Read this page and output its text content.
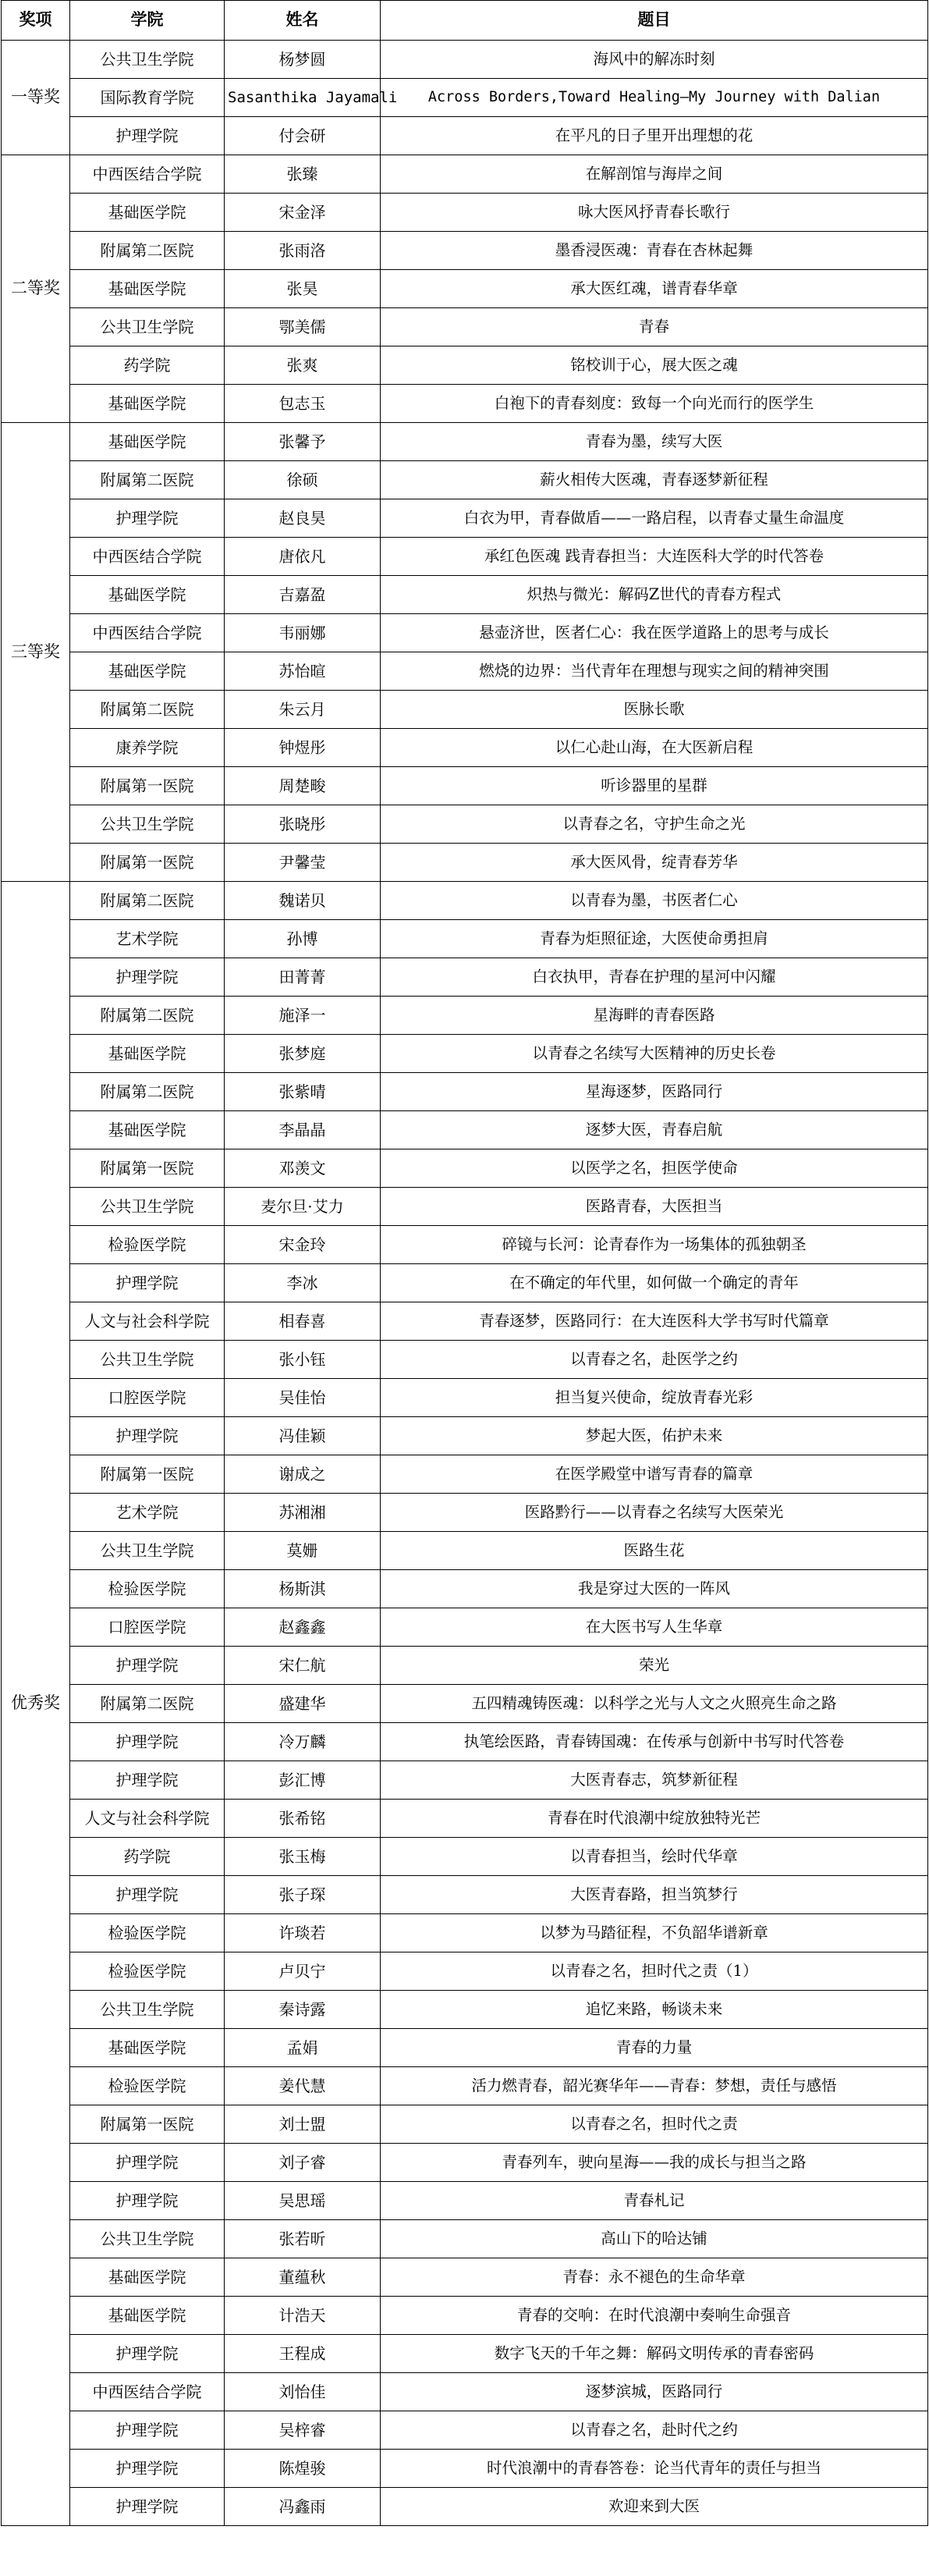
奖项	学院	姓名	题目
一等奖	公共卫生学院	杨梦圆	海风中的解冻时刻
	国际教育学院	Sasanthika Jayamali	Across Borders,Toward Healing—My Journey with Dalian
	护理学院	付会研	在平凡的日子里开出理想的花
二等奖	中西医结合学院	张臻	在解剖馆与海岸之间
	基础医学院	宋金泽	咏大医风抒青春长歌行
	附属第二医院	张雨洛	墨香浸医魂：青春在杏林起舞
	基础医学院	张昊	承大医红魂，谱青春华章
	公共卫生学院	鄂美儒	青春
	药学院	张爽	铭校训于心，展大医之魂
	基础医学院	包志玉	白袍下的青春刻度：致每一个向光而行的医学生
三等奖	基础医学院	张馨予	青春为墨，续写大医
	附属第二医院	徐硕	薪火相传大医魂，青春逐梦新征程
	护理学院	赵良昊	白衣为甲，青春做盾——一路启程，以青春丈量生命温度
	中西医结合学院	唐依凡	承红色医魂 践青春担当：大连医科大学的时代答卷
	基础医学院	吉嘉盈	炽热与微光：解码Z世代的青春方程式
	中西医结合学院	韦丽娜	悬壶济世，医者仁心：我在医学道路上的思考与成长
	基础医学院	苏怡暄	燃烧的边界：当代青年在理想与现实之间的精神突围
	附属第二医院	朱云月	医脉长歌
	康养学院	钟煜彤	以仁心赴山海，在大医新启程
	附属第一医院	周楚畯	听诊器里的星群
	公共卫生学院	张晓彤	以青春之名，守护生命之光
	附属第一医院	尹馨莹	承大医风骨，绽青春芳华
优秀奖	附属第二医院	魏诺贝	以青春为墨，书医者仁心
	艺术学院	孙博	青春为炬照征途，大医使命勇担肩
	护理学院	田菁菁	白衣执甲，青春在护理的星河中闪耀
	附属第二医院	施泽一	星海畔的青春医路
	基础医学院	张梦庭	以青春之名续写大医精神的历史长卷
	附属第二医院	张紫晴	星海逐梦，医路同行
	基础医学院	李晶晶	逐梦大医，青春启航
	附属第一医院	邓羡文	以医学之名，担医学使命
	公共卫生学院	麦尔旦·艾力	医路青春，大医担当
	检验医学院	宋金玲	碎镜与长河：论青春作为一场集体的孤独朝圣
	护理学院	李冰	在不确定的年代里，如何做一个确定的青年
	人文与社会科学院	相春喜	青春逐梦，医路同行：在大连医科大学书写时代篇章
	公共卫生学院	张小钰	以青春之名，赴医学之约
	口腔医学院	吴佳怡	担当复兴使命，绽放青春光彩
	护理学院	冯佳颖	梦起大医，佑护未来
	附属第一医院	谢成之	在医学殿堂中谱写青春的篇章
	艺术学院	苏湘湘	医路黔行——以青春之名续写大医荣光
	公共卫生学院	莫姗	医路生花
	检验医学院	杨斯淇	我是穿过大医的一阵风
	口腔医学院	赵鑫鑫	在大医书写人生华章
	护理学院	宋仁航	荣光
	附属第二医院	盛建华	五四精魂铸医魂：以科学之光与人文之火照亮生命之路
	护理学院	冷万麟	执笔绘医路，青春铸国魂：在传承与创新中书写时代答卷
	护理学院	彭汇博	大医青春志，筑梦新征程
	人文与社会科学院	张希铭	青春在时代浪潮中绽放独特光芒
	药学院	张玉梅	以青春担当，绘时代华章
	护理学院	张子琛	大医青春路，担当筑梦行
	检验医学院	许琰若	以梦为马踏征程，不负韶华谱新章
	检验医学院	卢贝宁	以青春之名，担时代之责（1）
	公共卫生学院	秦诗露	追忆来路，畅谈未来
	基础医学院	孟娟	青春的力量
	检验医学院	姜代慧	活力燃青春，韶光赛华年——青春：梦想，责任与感悟
	附属第一医院	刘士盟	以青春之名，担时代之责
	护理学院	刘子睿	青春列车，驶向星海——我的成长与担当之路
	护理学院	吴思瑶	青春札记
	公共卫生学院	张若昕	高山下的哈达铺
	基础医学院	董蕴秋	青春：永不褪色的生命华章
	基础医学院	计浩天	青春的交响：在时代浪潮中奏响生命强音
	护理学院	王程成	数字飞天的千年之舞：解码文明传承的青春密码
	中西医结合学院	刘怡佳	逐梦滨城，医路同行
	护理学院	吴梓睿	以青春之名，赴时代之约
	护理学院	陈煌骏	时代浪潮中的青春答卷：论当代青年的责任与担当
	护理学院	冯鑫雨	欢迎来到大医
